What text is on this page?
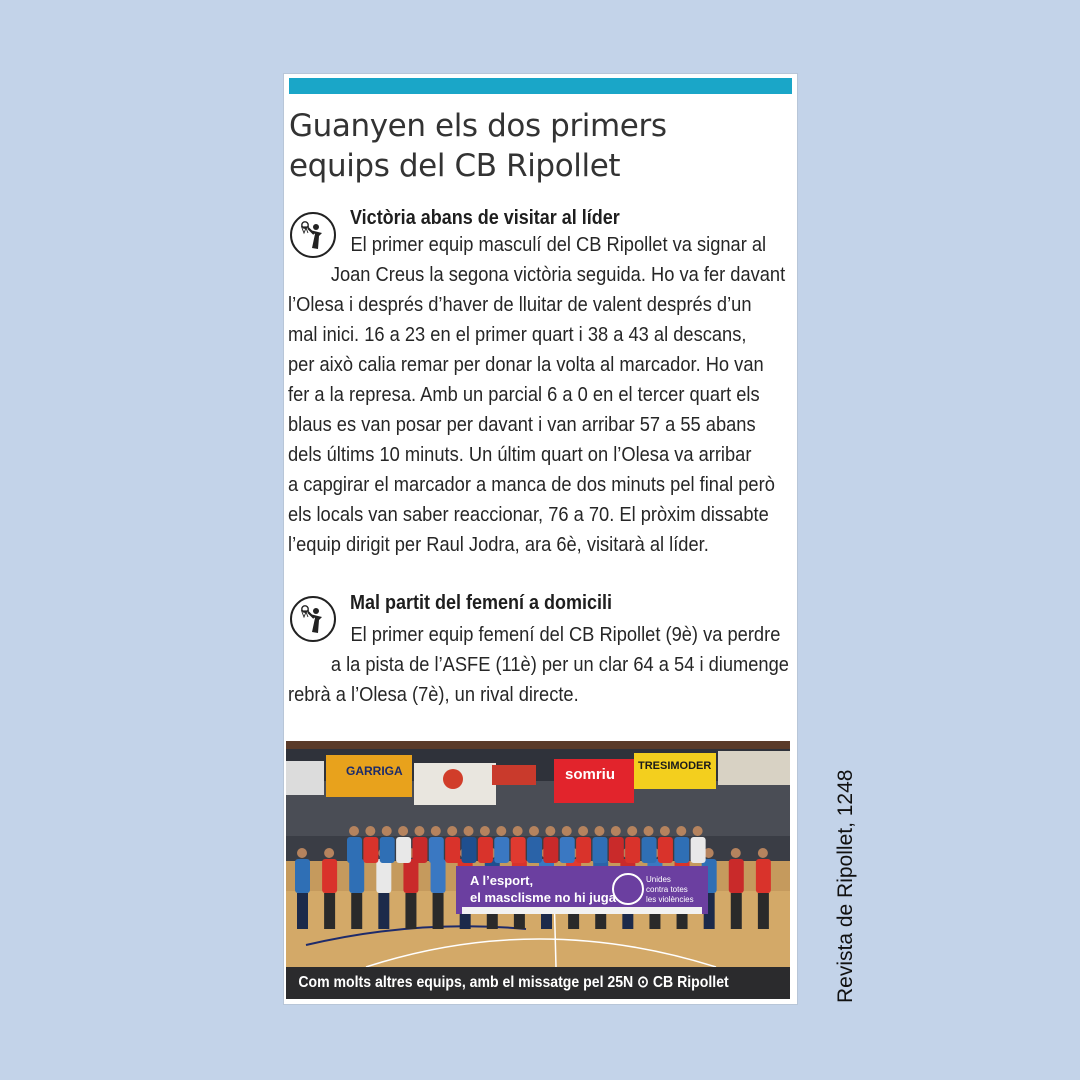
Guanyen els dos primers
equips del CB Ripollet
Victòria abans de visitar al líder
El primer equip masculí del CB Ripollet va signar al
Joan Creus la segona victòria seguida. Ho va fer davant
l’Olesa i després d’haver de lluitar de valent després d’un
mal inici. 16 a 23 en el primer quart i 38 a 43 al descans,
per això calia remar per donar la volta al marcador. Ho van
fer a la represa. Amb un parcial 6 a 0 en el tercer quart els
blaus es van posar per davant i van arribar 57 a 55 abans
dels últims 10 minuts. Un últim quart on l’Olesa va arribar
a capgirar el marcador a manca de dos minuts pel final però
els locals van saber reaccionar, 76 a 70. El pròxim dissabte
l’equip dirigit per Raul Jodra, ara 6è, visitarà al líder.
Mal partit del femení a domicili
El primer equip femení del CB Ripollet (9è) va perdre
a la pista de l’ASFE (11è) per un clar 64 a 54 i diumenge
rebrà a l’Olesa (7è), un rival directe.
GARRIGA	somriu TRESIMODER
A l’esport,
el masclisme no hi juga
Unides
contra totes
les violències
Com molts altres equips, amb el missatge pel 25N ⊙ CB Ripollet	Revista de Ripollet, 1248
